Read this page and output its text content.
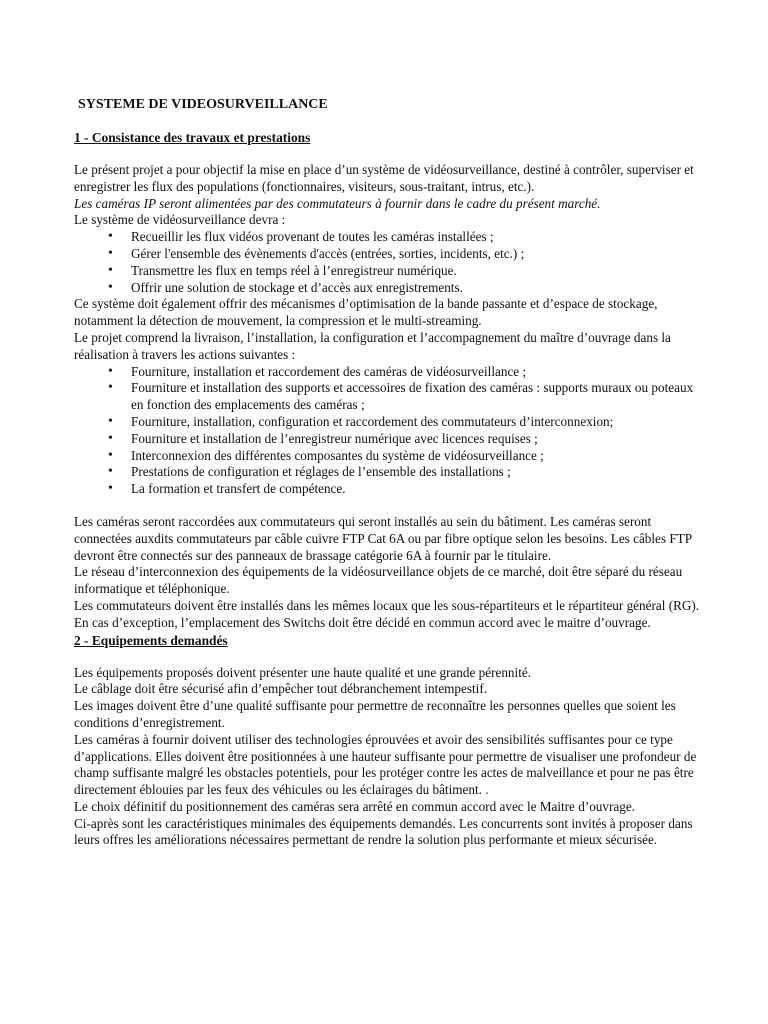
SYSTEME DE VIDEOSURVEILLANCE
1 - Consistance des travaux et prestations

Le présent projet a pour objectif la mise en place d’un système de vidéosurveillance, destiné à contrôler, superviser et enregistrer les flux des populations (fonctionnaires, visiteurs, sous-traitant, intrus, etc.).

Les caméras IP seront alimentées par des commutateurs à fournir dans le cadre du présent marché.

Le système de vidéosurveillance devra :

• Recueillir les flux vidéos provenant de toutes les caméras installées ;
• Gérer l'ensemble des évènements d'accès (entrées, sorties, incidents, etc.) ;
• Transmettre les flux en temps réel à l’enregistreur numérique.
• Offrir une solution de stockage et d’accès aux enregistrements.

Ce système doit également offrir des mécanismes d’optimisation de la bande passante et d’espace de stockage, notamment la détection de mouvement, la compression et le multi-streaming.

Le projet comprend la livraison, l’installation, la configuration et l’accompagnement du maître d’ouvrage dans la réalisation à travers les actions suivantes :

• Fourniture, installation et raccordement des caméras de vidéosurveillance ;
• Fourniture et installation des supports et accessoires de fixation des caméras : supports muraux ou poteaux en fonction des emplacements des caméras ;
• Fourniture, installation, configuration et raccordement des commutateurs d’interconnexion;
• Fourniture et installation de l’enregistreur numérique avec licences requises ;
• Interconnexion des différentes composantes du système de vidéosurveillance ;
• Prestations de configuration et réglages de l’ensemble des installations ;
• La formation et transfert de compétence.

Les caméras seront raccordées aux commutateurs qui seront installés au sein du bâtiment. Les caméras seront connectées auxdits commutateurs par câble cuivre FTP Cat 6A ou par fibre optique selon les besoins. Les câbles FTP devront être connectés sur des panneaux de brassage catégorie 6A à fournir par le titulaire.

Le réseau d’interconnexion des équipements de la vidéosurveillance objets de ce marché, doit être séparé du réseau informatique et téléphonique.

Les commutateurs doivent être installés dans les mêmes locaux que les sous-répartiteurs et le répartiteur général (RG). En cas d’exception, l’emplacement des Switchs doit être décidé en commun accord avec le maitre d’ouvrage.

2 - Equipements demandés

Les équipements proposés doivent présenter une haute qualité et une grande pérennité.

Le câblage doit être sécurisé afin d’empêcher tout débranchement intempestif.

Les images doivent être d’une qualité suffisante pour permettre de reconnaître les personnes quelles que soient les conditions d’enregistrement.

Les caméras à fournir doivent utiliser des technologies éprouvées et avoir des sensibilités suffisantes pour ce type d’applications. Elles doivent être positionnées à une hauteur suffisante pour permettre de visualiser une profondeur de champ suffisante malgré les obstacles potentiels, pour les protéger contre les actes de malveillance et pour ne pas être directement éblouies par les feux des véhicules ou les éclairages du bâtiment. .

Le choix définitif du positionnement des caméras sera arrêté en commun accord avec le Maitre d’ouvrage.

Ci-après sont les caractéristiques minimales des équipements demandés. Les concurrents sont invités à proposer dans leurs offres les améliorations nécessaires permettant de rendre la solution plus performante et mieux sécurisée.
